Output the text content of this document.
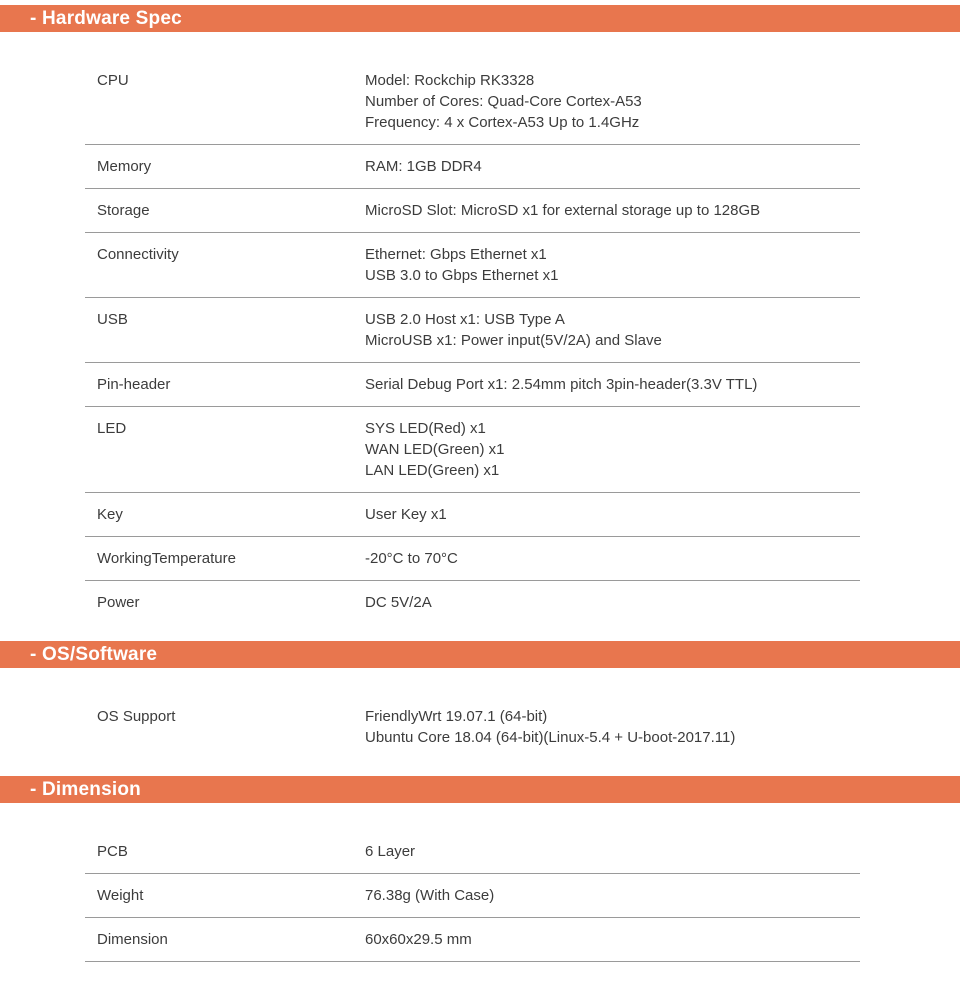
- Hardware Spec
CPU	Model: Rockchip RK3328
Number of Cores: Quad-Core Cortex-A53
Frequency: 4 x Cortex-A53 Up to 1.4GHz
Memory	RAM: 1GB DDR4
Storage	MicroSD Slot: MicroSD x1 for external storage up to 128GB
Connectivity	Ethernet: Gbps Ethernet x1
USB 3.0 to Gbps Ethernet x1
USB	USB 2.0 Host x1: USB Type A
MicroUSB x1: Power input(5V/2A) and Slave
Pin-header	Serial Debug Port x1: 2.54mm pitch 3pin-header(3.3V TTL)
LED	SYS LED(Red) x1
WAN LED(Green) x1
LAN LED(Green) x1
Key	User Key x1
WorkingTemperature	-20°C to 70°C
Power	DC 5V/2A
- OS/Software
OS Support	FriendlyWrt 19.07.1 (64-bit)
Ubuntu Core 18.04 (64-bit)(Linux-5.4 + U-boot-2017.11)
- Dimension
PCB	6 Layer
Weight	76.38g (With Case)
Dimension	60x60x29.5 mm
